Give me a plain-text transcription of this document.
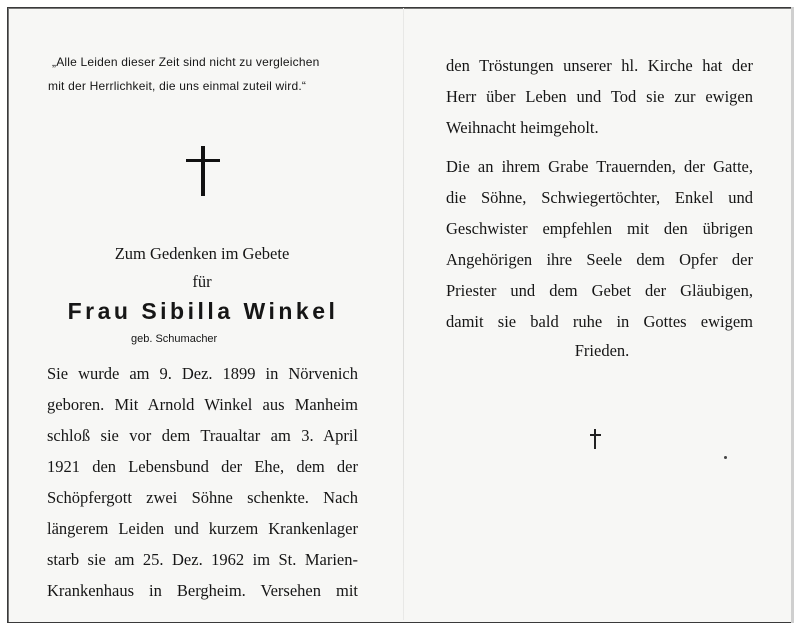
„Alle Leiden dieser Zeit sind nicht zu vergleichen
mit der Herrlichkeit, die uns einmal zuteil wird.“
Zum Gedenken im Gebete
für
Frau Sibilla Winkel
geb. Schumacher
Sie wurde am 9. Dez. 1899 in Nörvenich
geboren. Mit Arnold Winkel aus Manheim
schloß sie vor dem Traualtar am 3. April
1921 den Lebensbund der Ehe, dem der
Schöpfergott zwei Söhne schenkte. Nach
längerem Leiden und kurzem Krankenlager
starb sie am 25. Dez. 1962 im St. Marien-
Krankenhaus in Bergheim. Versehen mit
den Tröstungen unserer hl. Kirche hat der
Herr über Leben und Tod sie zur ewigen
Weihnacht heimgeholt.
Die an ihrem Grabe Trauernden, der Gatte,
die Söhne, Schwiegertöchter, Enkel und
Geschwister empfehlen mit den übrigen
Angehörigen ihre Seele dem Opfer der
Priester und dem Gebet der Gläubigen,
damit sie bald ruhe in Gottes ewigem
Frieden.
